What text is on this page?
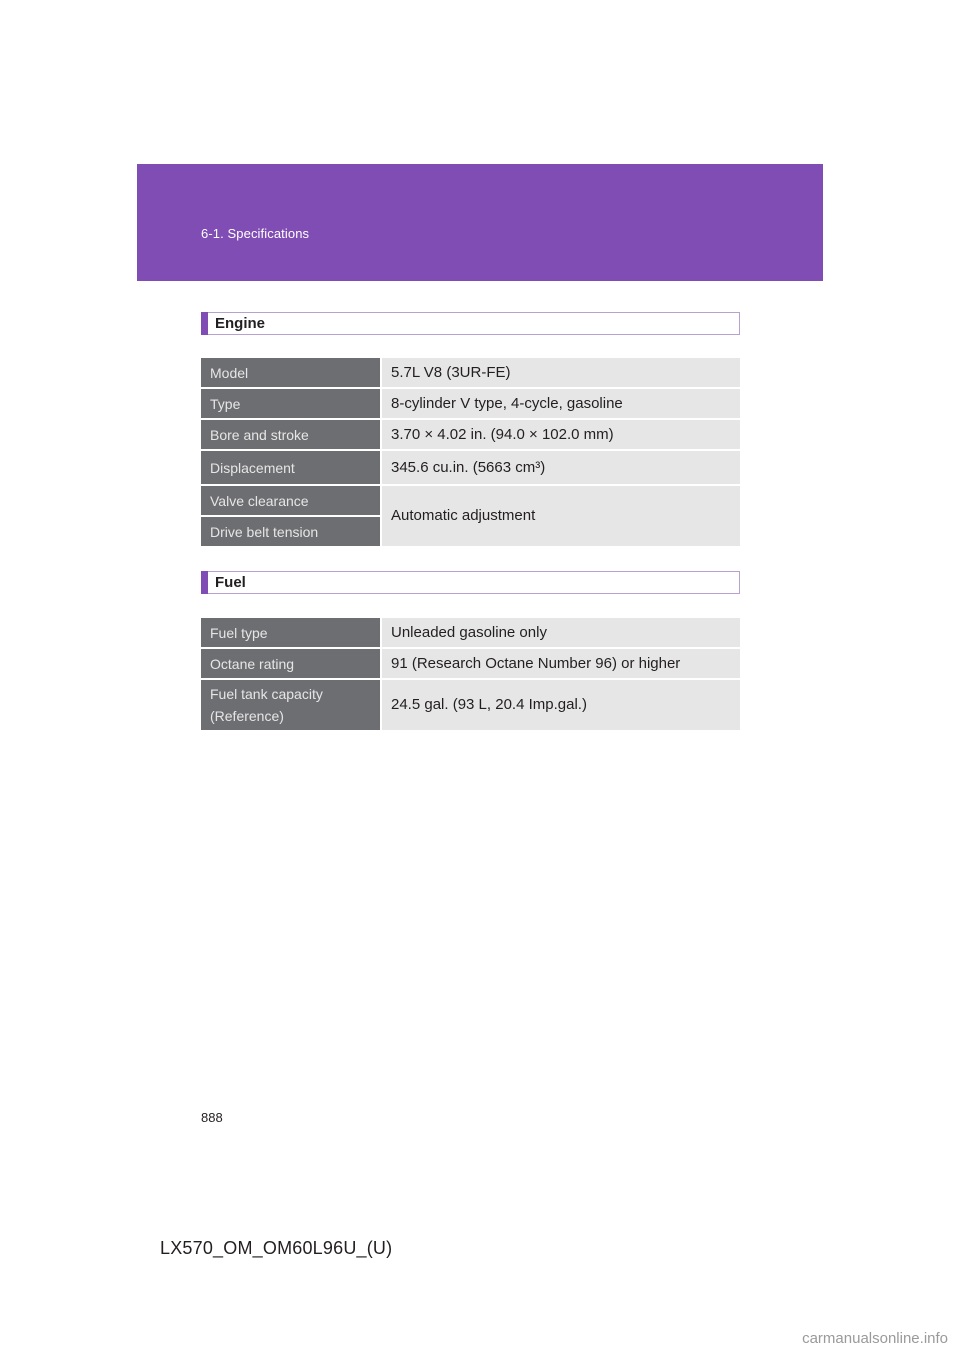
6-1. Specifications
Engine
Model	5.7L V8 (3UR-FE)
Type	8-cylinder V type, 4-cycle, gasoline
Bore and stroke	3.70 × 4.02 in. (94.0 × 102.0 mm)
Displacement	345.6 cu.in. (5663 cm³)
Valve clearance	Automatic adjustment
Drive belt tension	
Fuel
Fuel type	Unleaded gasoline only
Octane rating	91 (Research Octane Number 96) or higher
Fuel tank capacity
(Reference)	24.5 gal. (93 L, 20.4 Imp.gal.)
888
LX570_OM_OM60L96U_(U)
carmanualsonline.info
